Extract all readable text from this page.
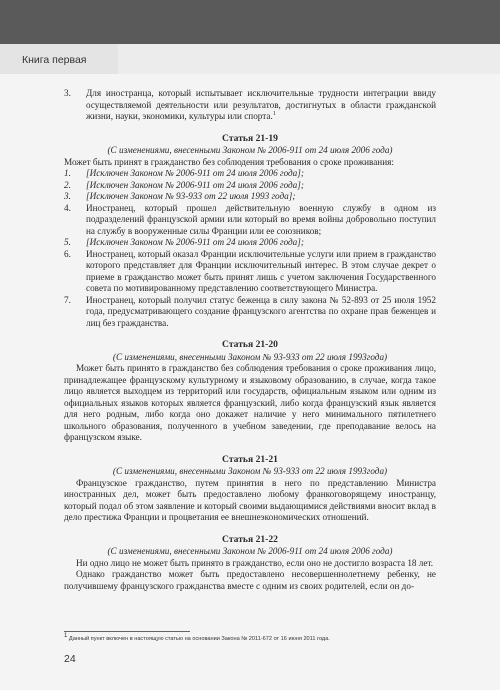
Книга первая
3. Для иностранца, который испытывает исключительные трудности интеграции ввиду осуществляемой деятельности или результатов, достигнутых в области гражданской жизни, науки, экономики, культуры или спорта.$^1$
Статья 21-19
(С изменениями, внесенными Законом № 2006-911 от 24 июля 2006 года)

Может быть принят в гражданство без соблюдения требования о сроке проживания:

1. [Исключен Законом № 2006-911 от 24 июля 2006 года];
2. [Исключен Законом № 2006-911 от 24 июля 2006 года];
3. [Исключен Законом № 93-933 от 22 июля 1993 года];
4. Иностранец, который прошел действительную военную службу в одном из подразделений французской армии или который во время войны добровольно поступил на службу в вооруженные силы Франции или ее союзников;
5. [Исключен Законом № 2006-911 от 24 июля 2006 года];
6. Иностранец, который оказал Франции исключительные услуги или прием в гражданство которого представляет для Франции исключительный интерес. В этом случае декрет о приеме в гражданство может быть принят лишь с учетом заключения Государственного совета по мотивированному представлению соответствующего Министра.
7. Иностранец, который получил статус беженца в силу закона № 52-893 от 25 июля 1952 года, предусматривающего создание французского агентства по охране прав беженцев и лиц без гражданства.
Статья 21-20
(С изменениями, внесенными Законом № 93-933 от 22 июля 1993года)

Может быть принято в гражданство без соблюдения требования о сроке проживания лицо, принадлежащее французскому культурному и языковому образованию, в случае, когда такое лицо является выходцем из территорий или государств, официальным языком или одним из официальных языков которых является французский, либо когда французский язык является для него родным, либо когда оно докажет наличие у него минимального пятилетнего школьного образования, полученного в учебном заведении, где преподавание велось на французском языке.

Статья 21-21
(С изменениями, внесенными Законом № 93-933 от 22 июля 1993года)

Французское гражданство, путем принятия в него по представлению Министра иностранных дел, может быть предоставлено любому франкоговорящему иностранцу, который подал об этом заявление и который своими выдающимися действиями вносит вклад в дело престижа Франции и процветания ее внешнеэкономических отношений.

Статья 21-22
(С изменениями, внесенными Законом № 2006-911 от 24 июля 2006 года)

Ни одно лицо не может быть принято в гражданство, если оно не достигло возраста 18 лет.

Однако гражданство может быть предоставлено несовершеннолетнему ребенку, не получившему французского гражданства вместе с одним из своих родителей, если он до-

$^1$ Данный пункт включен в настоящую статью на основании Закона № 2011-672 от 16 июня 2011 года.
24
